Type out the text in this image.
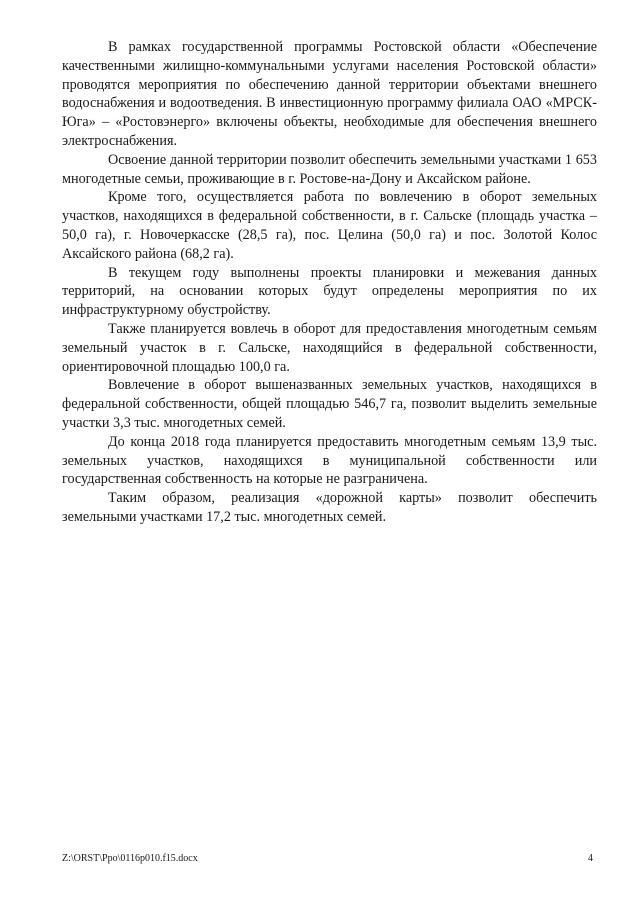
В рамках государственной программы Ростовской области «Обеспечение качественными жилищно-коммунальными услугами населения Ростовской области» проводятся мероприятия по обеспечению данной территории объектами внешнего водоснабжения и водоотведения. В инвестиционную программу филиала ОАО «МРСК-Юга» – «Ростовэнерго» включены объекты, необходимые для обеспечения внешнего электроснабжения.

Освоение данной территории позволит обеспечить земельными участками 1 653 многодетные семьи, проживающие в г. Ростове-на-Дону и Аксайском районе.

Кроме того, осуществляется работа по вовлечению в оборот земельных участков, находящихся в федеральной собственности, в г. Сальске (площадь участка – 50,0 га), г. Новочеркасске (28,5 га), пос. Целина (50,0 га) и пос. Золотой Колос Аксайского района (68,2 га).

В текущем году выполнены проекты планировки и межевания данных территорий, на основании которых будут определены мероприятия по их инфраструктурному обустройству.

Также планируется вовлечь в оборот для предоставления многодетным семьям земельный участок в г. Сальске, находящийся в федеральной собственности, ориентировочной площадью 100,0 га.

Вовлечение в оборот вышеназванных земельных участков, находящихся в федеральной собственности, общей площадью 546,7 га, позволит выделить земельные участки 3,3 тыс. многодетных семей.

До конца 2018 года планируется предоставить многодетным семьям 13,9 тыс. земельных участков, находящихся в муниципальной собственности или государственная собственность на которые не разграничена.

Таким образом, реализация «дорожной карты» позволит обеспечить земельными участками 17,2 тыс. многодетных семей.

Z:\ORST\Ppo\0116p010.f15.docx	4
